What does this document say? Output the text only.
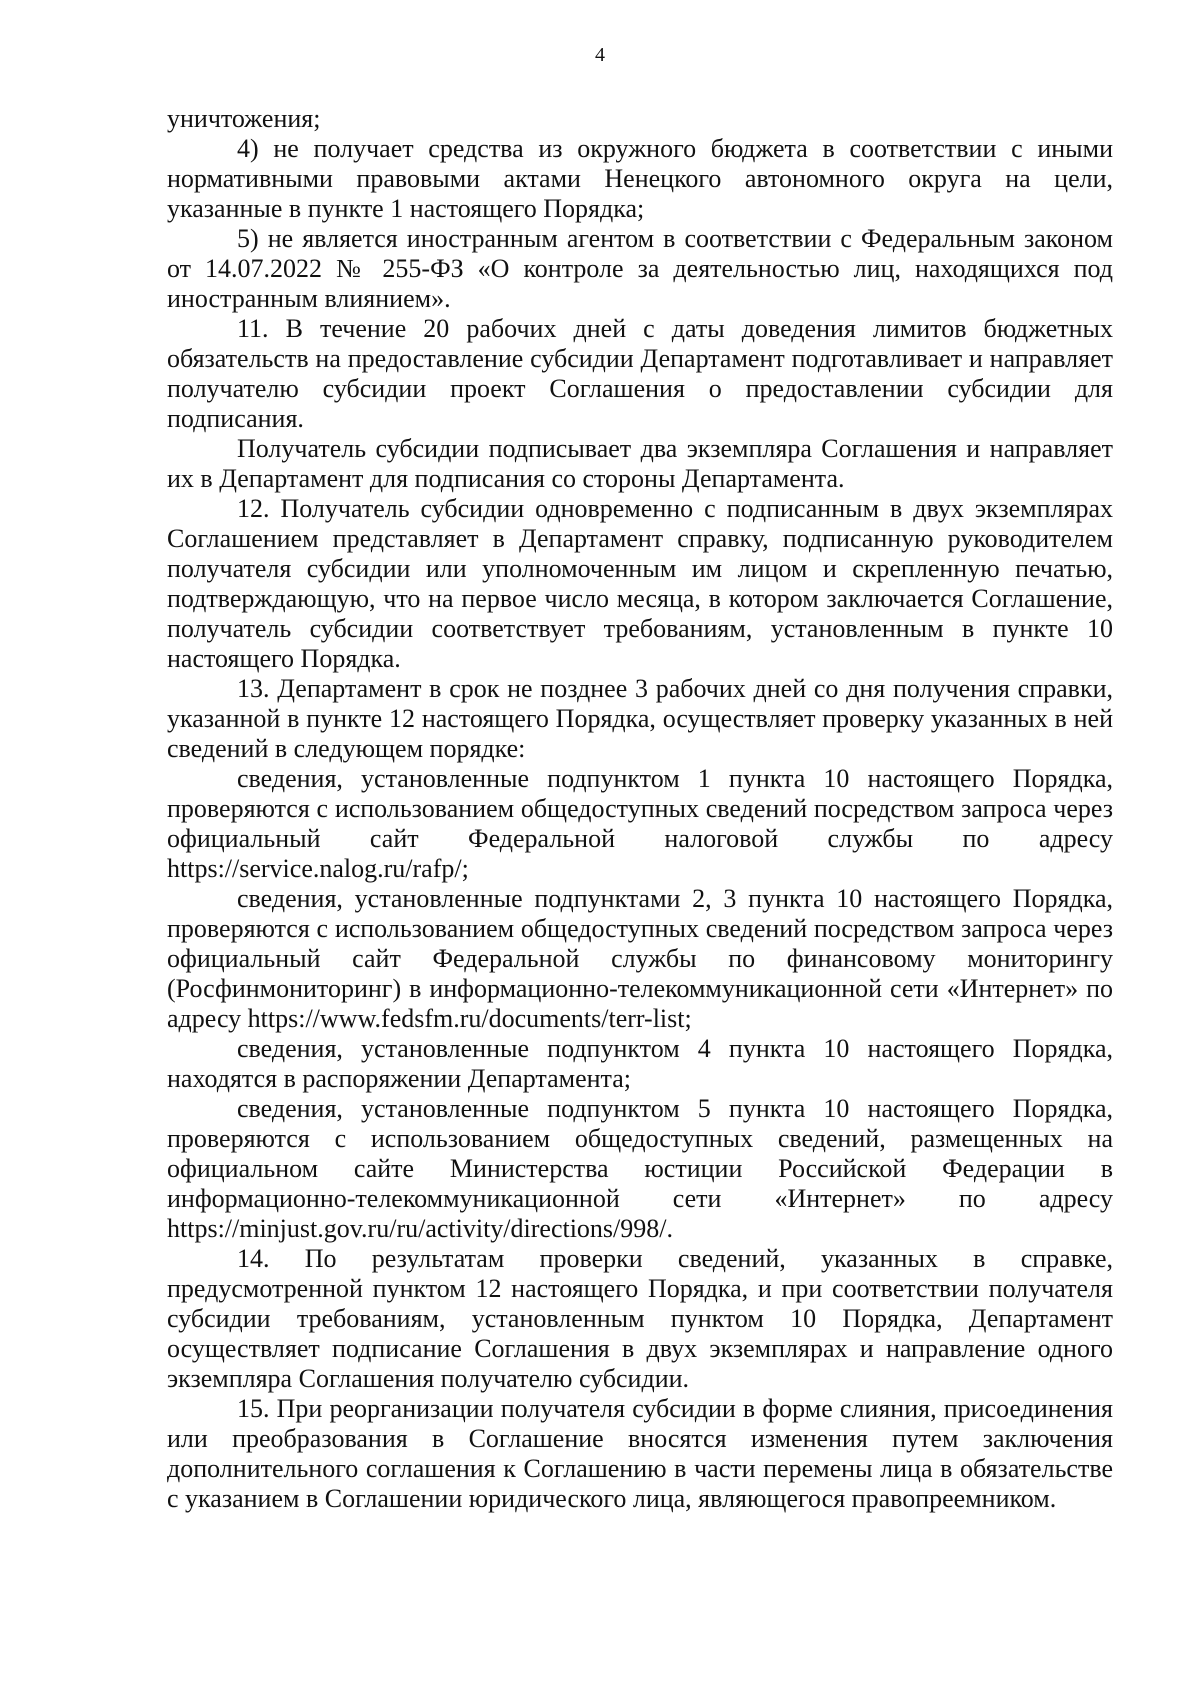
4

уничтожения;

4) не получает средства из окружного бюджета в соответствии с иными нормативными правовыми актами Ненецкого автономного округа на цели, указанные в пункте 1 настоящего Порядка;

5) не является иностранным агентом в соответствии с Федеральным законом от 14.07.2022 № 255-ФЗ «О контроле за деятельностью лиц, находящихся под иностранным влиянием».

11. В течение 20 рабочих дней с даты доведения лимитов бюджетных обязательств на предоставление субсидии Департамент подготавливает и направляет получателю субсидии проект Соглашения о предоставлении субсидии для подписания.

Получатель субсидии подписывает два экземпляра Соглашения и направляет их в Департамент для подписания со стороны Департамента.

12. Получатель субсидии одновременно с подписанным в двух экземплярах Соглашением представляет в Департамент справку, подписанную руководителем получателя субсидии или уполномоченным им лицом и скрепленную печатью, подтверждающую, что на первое число месяца, в котором заключается Соглашение, получатель субсидии соответствует требованиям, установленным в пункте 10 настоящего Порядка.

13. Департамент в срок не позднее 3 рабочих дней со дня получения справки, указанной в пункте 12 настоящего Порядка, осуществляет проверку указанных в ней сведений в следующем порядке:

сведения, установленные подпунктом 1 пункта 10 настоящего Порядка, проверяются с использованием общедоступных сведений посредством запроса через официальный сайт Федеральной налоговой службы по адресу https://service.nalog.ru/rafp/;

сведения, установленные подпунктами 2, 3 пункта 10 настоящего Порядка, проверяются с использованием общедоступных сведений посредством запроса через официальный сайт Федеральной службы по финансовому мониторингу (Росфинмониторинг) в информационно-телекоммуникационной сети «Интернет» по адресу https://www.fedsfm.ru/documents/terr-list;

сведения, установленные подпунктом 4 пункта 10 настоящего Порядка, находятся в распоряжении Департамента;

сведения, установленные подпунктом 5 пункта 10 настоящего Порядка, проверяются с использованием общедоступных сведений, размещенных на официальном сайте Министерства юстиции Российской Федерации в информационно-телекоммуникационной сети «Интернет» по адресу https://minjust.gov.ru/ru/activity/directions/998/.

14. По результатам проверки сведений, указанных в справке, предусмотренной пунктом 12 настоящего Порядка, и при соответствии получателя субсидии требованиям, установленным пунктом 10 Порядка, Департамент осуществляет подписание Соглашения в двух экземплярах и направление одного экземпляра Соглашения получателю субсидии.

15. При реорганизации получателя субсидии в форме слияния, присоединения или преобразования в Соглашение вносятся изменения путем заключения дополнительного соглашения к Соглашению в части перемены лица в обязательстве с указанием в Соглашении юридического лица, являющегося правопреемником.
